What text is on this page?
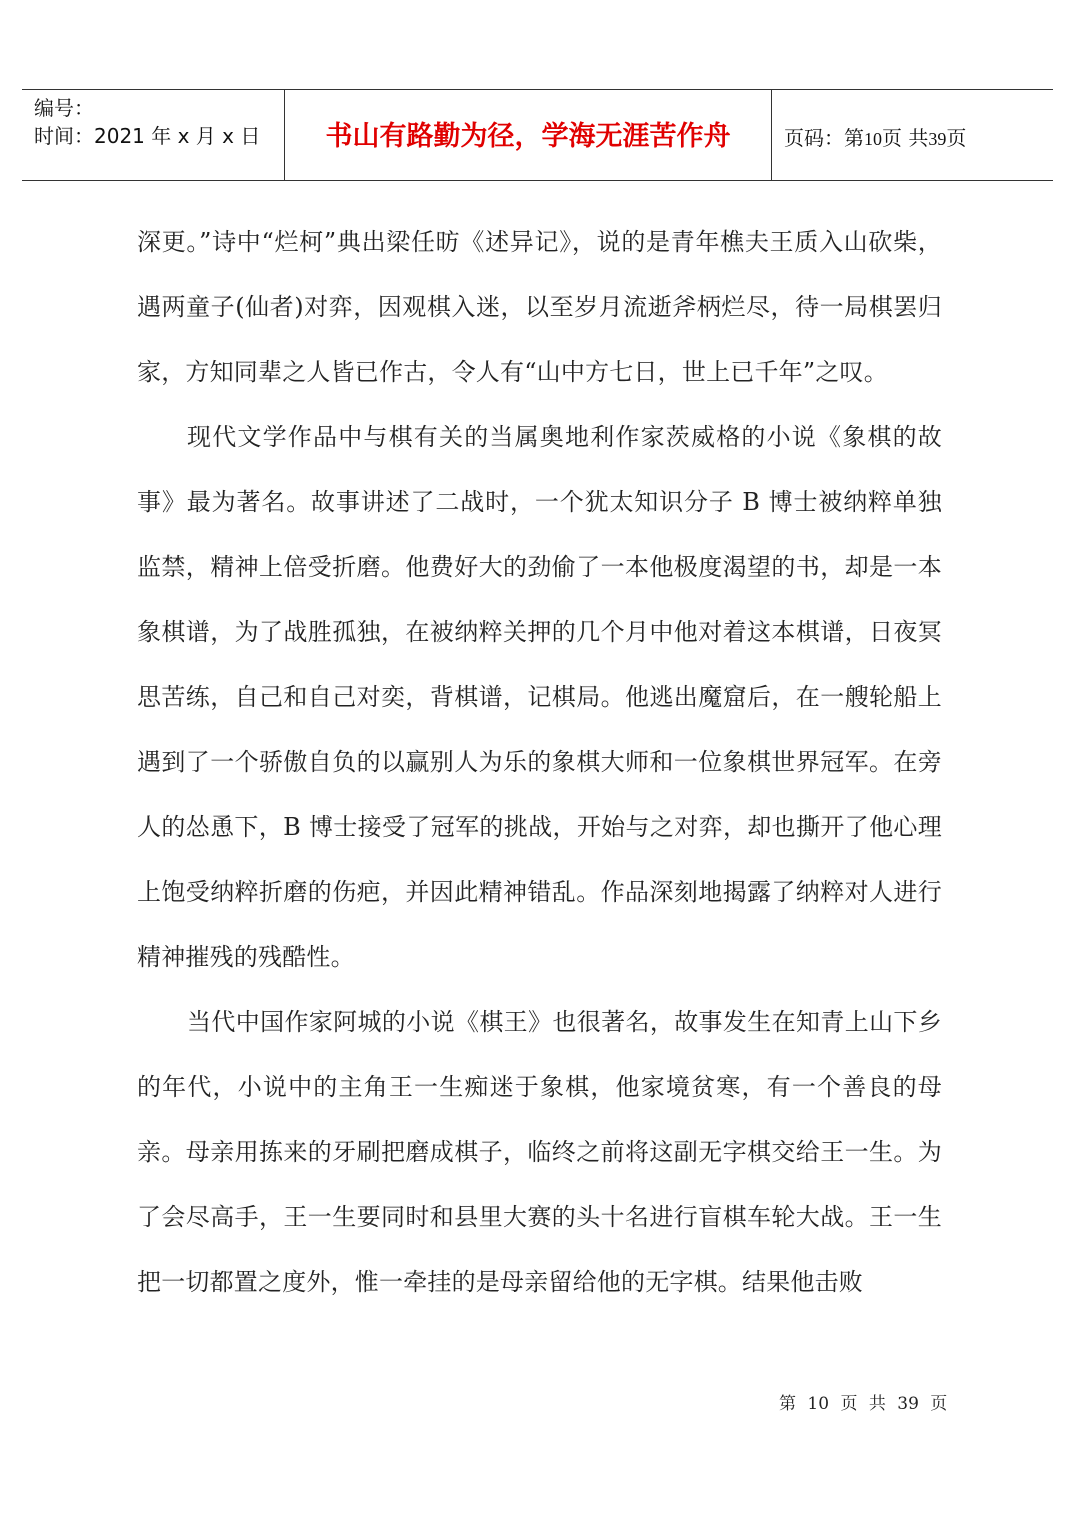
编号：
时间：2021 年 x 月 x 日	书山有路勤为径，学海无涯苦作舟	页码：第10页 共39页

深更。”诗中“烂柯”典出梁任昉《述异记》，说的是青年樵夫王质入山砍柴，遇两童子(仙者)对弈，因观棋入迷，以至岁月流逝斧柄烂尽，待一局棋罢归家，方知同辈之人皆已作古，令人有“山中方七日，世上已千年”之叹。

现代文学作品中与棋有关的当属奥地利作家茨威格的小说《象棋的故事》最为著名。故事讲述了二战时，一个犹太知识分子 B 博士被纳粹单独监禁，精神上倍受折磨。他费好大的劲偷了一本他极度渴望的书，却是一本象棋谱，为了战胜孤独，在被纳粹关押的几个月中他对着这本棋谱，日夜冥思苦练，自己和自己对奕，背棋谱，记棋局。他逃出魔窟后，在一艘轮船上遇到了一个骄傲自负的以赢别人为乐的象棋大师和一位象棋世界冠军。在旁人的怂恿下，B 博士接受了冠军的挑战，开始与之对弈，却也撕开了他心理上饱受纳粹折磨的伤疤，并因此精神错乱。作品深刻地揭露了纳粹对人进行精神摧残的残酷性。

当代中国作家阿城的小说《棋王》也很著名，故事发生在知青上山下乡的年代，小说中的主角王一生痴迷于象棋，他家境贫寒，有一个善良的母亲。母亲用拣来的牙刷把磨成棋子，临终之前将这副无字棋交给王一生。为了会尽高手，王一生要同时和县里大赛的头十名进行盲棋车轮大战。王一生把一切都置之度外，惟一牵挂的是母亲留给他的无字棋。结果他击败

第 10 页 共 39 页
